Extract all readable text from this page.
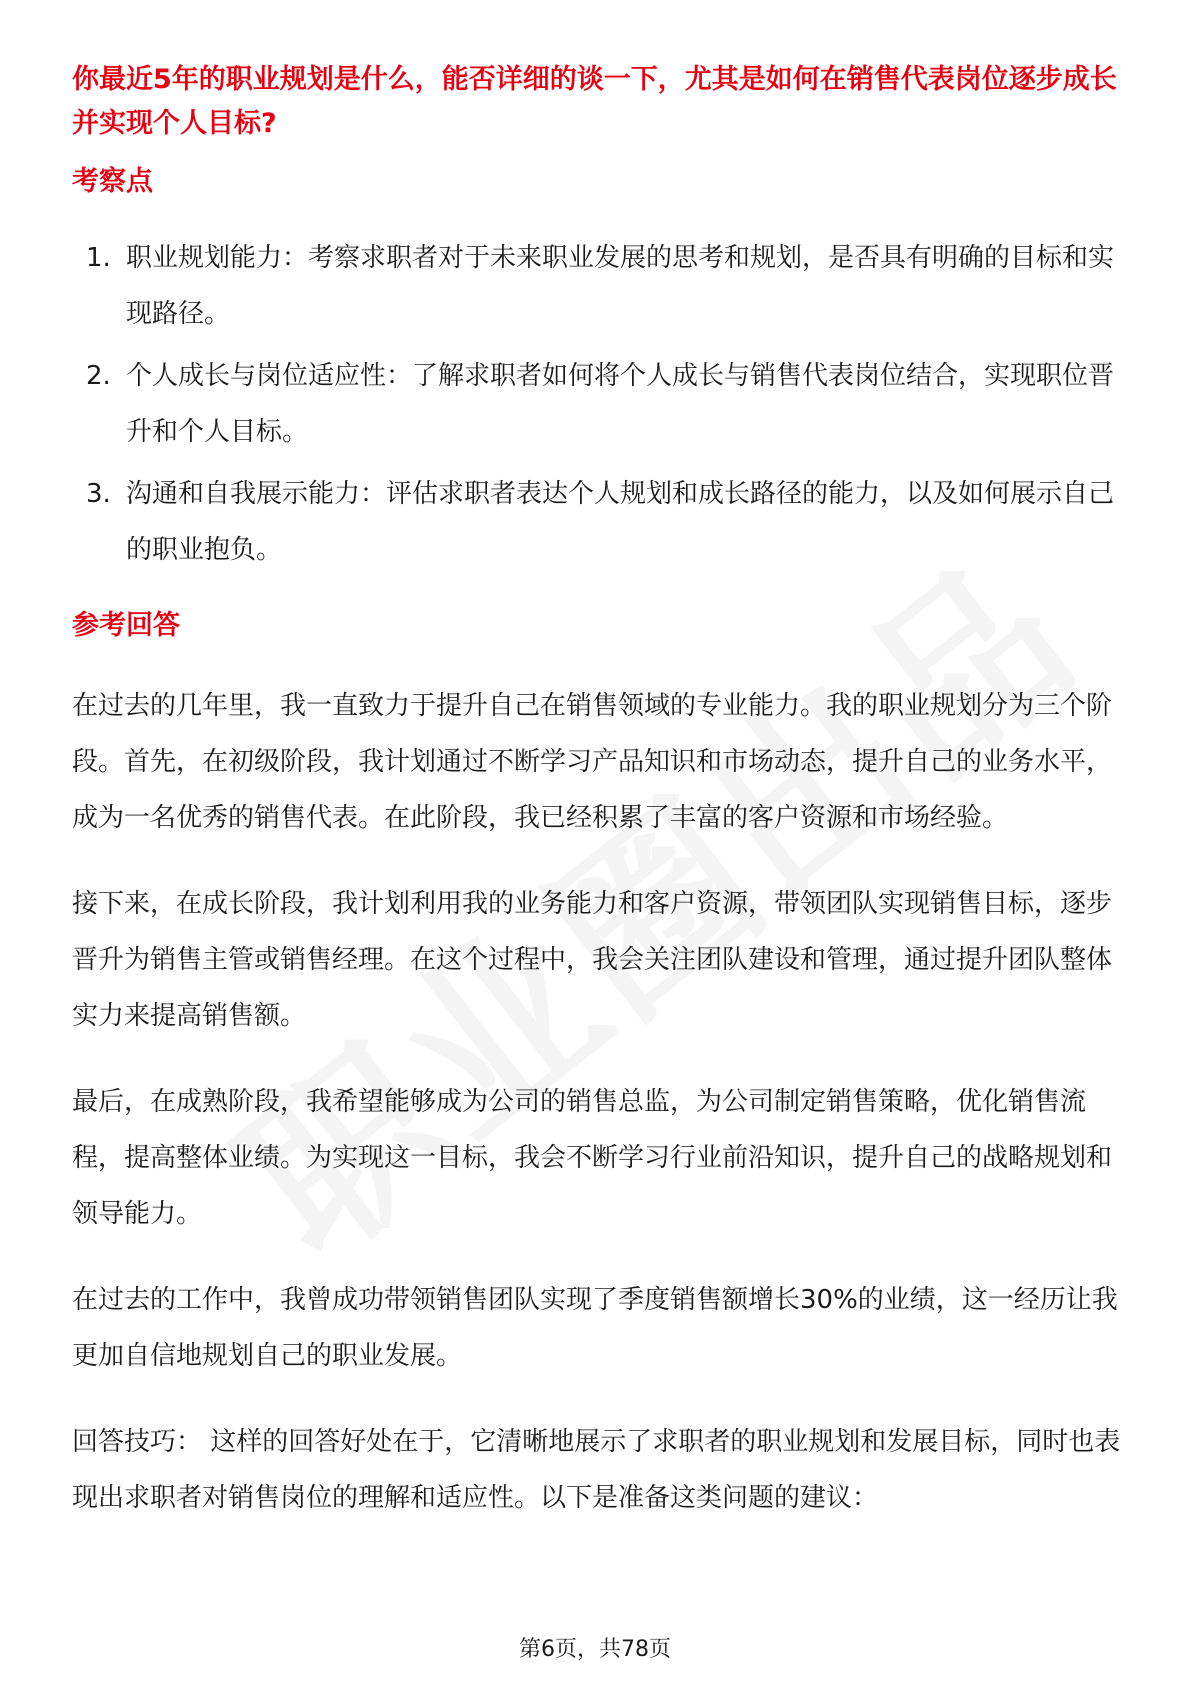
你最近5年的职业规划是什么，能否详细的谈一下，尤其是如何在销售代表岗位逐步成长并实现个人目标?
考察点
1. 职业规划能力：考察求职者对于未来职业发展的思考和规划，是否具有明确的目标和实现路径。
2. 个人成长与岗位适应性：了解求职者如何将个人成长与销售代表岗位结合，实现职位晋升和个人目标。
3. 沟通和自我展示能力：评估求职者表达个人规划和成长路径的能力，以及如何展示自己的职业抱负。
参考回答

在过去的几年里，我一直致力于提升自己在销售领域的专业能力。我的职业规划分为三个阶段。首先，在初级阶段，我计划通过不断学习产品知识和市场动态，提升自己的业务水平，成为一名优秀的销售代表。在此阶段，我已经积累了丰富的客户资源和市场经验。

接下来，在成长阶段，我计划利用我的业务能力和客户资源，带领团队实现销售目标，逐步晋升为销售主管或销售经理。在这个过程中，我会关注团队建设和管理，通过提升团队整体实力来提高销售额。

最后，在成熟阶段，我希望能够成为公司的销售总监，为公司制定销售策略，优化销售流程，提高整体业绩。为实现这一目标，我会不断学习行业前沿知识，提升自己的战略规划和领导能力。

在过去的工作中，我曾成功带领销售团队实现了季度销售额增长30%的业绩，这一经历让我更加自信地规划自己的职业发展。

回答技巧： 这样的回答好处在于，它清晰地展示了求职者的职业规划和发展目标，同时也表现出求职者对销售岗位的理解和适应性。以下是准备这类问题的建议：

第6页，共78页
